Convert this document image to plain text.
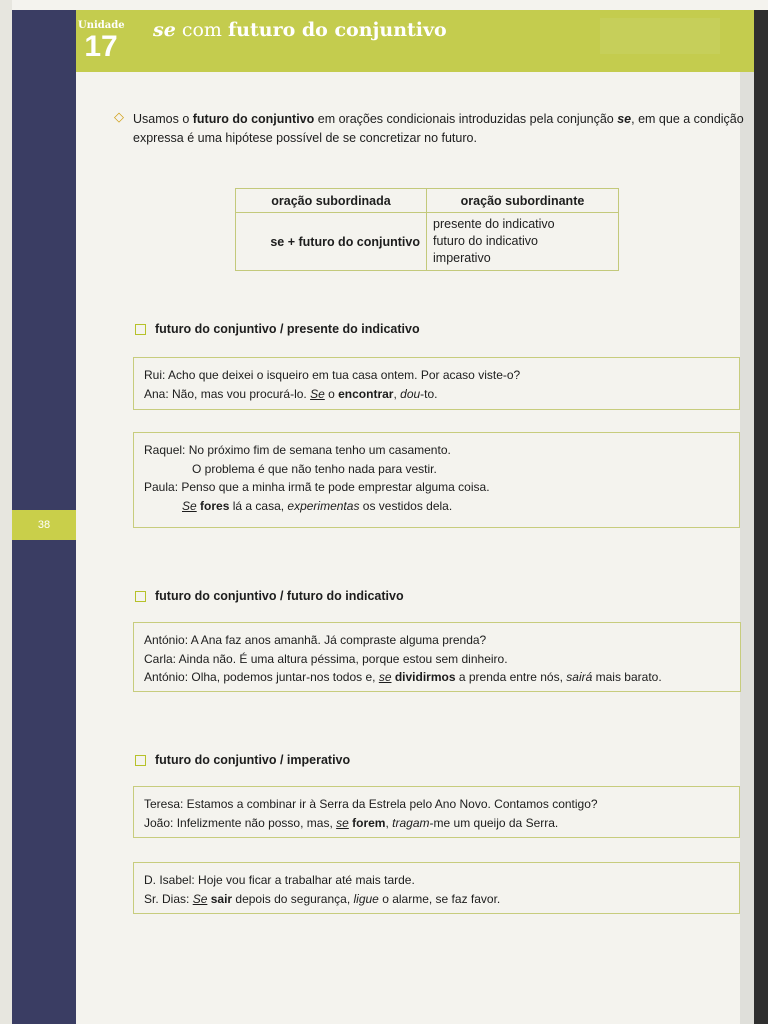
38
Unidade
17	se com futuro do conjuntivo
◇ Usamos o futuro do conjuntivo em orações condicionais introduzidas pela conjunção se, em que a condição expressa é uma hipótese possível de se concretizar no futuro.
oração subordinada	oração subordinante
se + futuro do conjuntivo	presente do indicativo
futuro do indicativo
imperativo
futuro do conjuntivo / presente do indicativo
Rui: Acho que deixei o isqueiro em tua casa ontem. Por acaso viste-o?
Ana: Não, mas vou procurá-lo. Se o encontrar, dou-to.
Raquel: No próximo fim de semana tenho um casamento.
O problema é que não tenho nada para vestir.
Paula: Penso que a minha irmã te pode emprestar alguma coisa.
Se fores lá a casa, experimentas os vestidos dela.
futuro do conjuntivo / futuro do indicativo
António: A Ana faz anos amanhã. Já compraste alguma prenda?
Carla: Ainda não. É uma altura péssima, porque estou sem dinheiro.
António: Olha, podemos juntar-nos todos e, se dividirmos a prenda entre nós, sairá mais barato.
futuro do conjuntivo / imperativo
Teresa: Estamos a combinar ir à Serra da Estrela pelo Ano Novo. Contamos contigo?
João: Infelizmente não posso, mas, se forem, tragam-me um queijo da Serra.
D. Isabel: Hoje vou ficar a trabalhar até mais tarde.
Sr. Dias: Se sair depois do segurança, ligue o alarme, se faz favor.
